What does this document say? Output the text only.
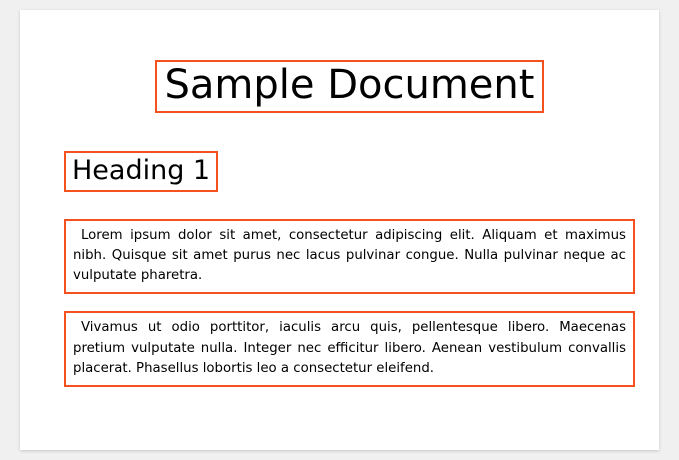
Sample Document
Heading 1

Lorem ipsum dolor sit amet, consectetur adipiscing elit. Aliquam et maximus nibh. Quisque sit amet purus nec lacus pulvinar congue. Nulla pulvinar neque ac vulputate pharetra.

Vivamus ut odio porttitor, iaculis arcu quis, pellentesque libero. Maecenas pretium vulputate nulla. Integer nec efficitur libero. Aenean vestibulum convallis placerat. Phasellus lobortis leo a consectetur eleifend.
